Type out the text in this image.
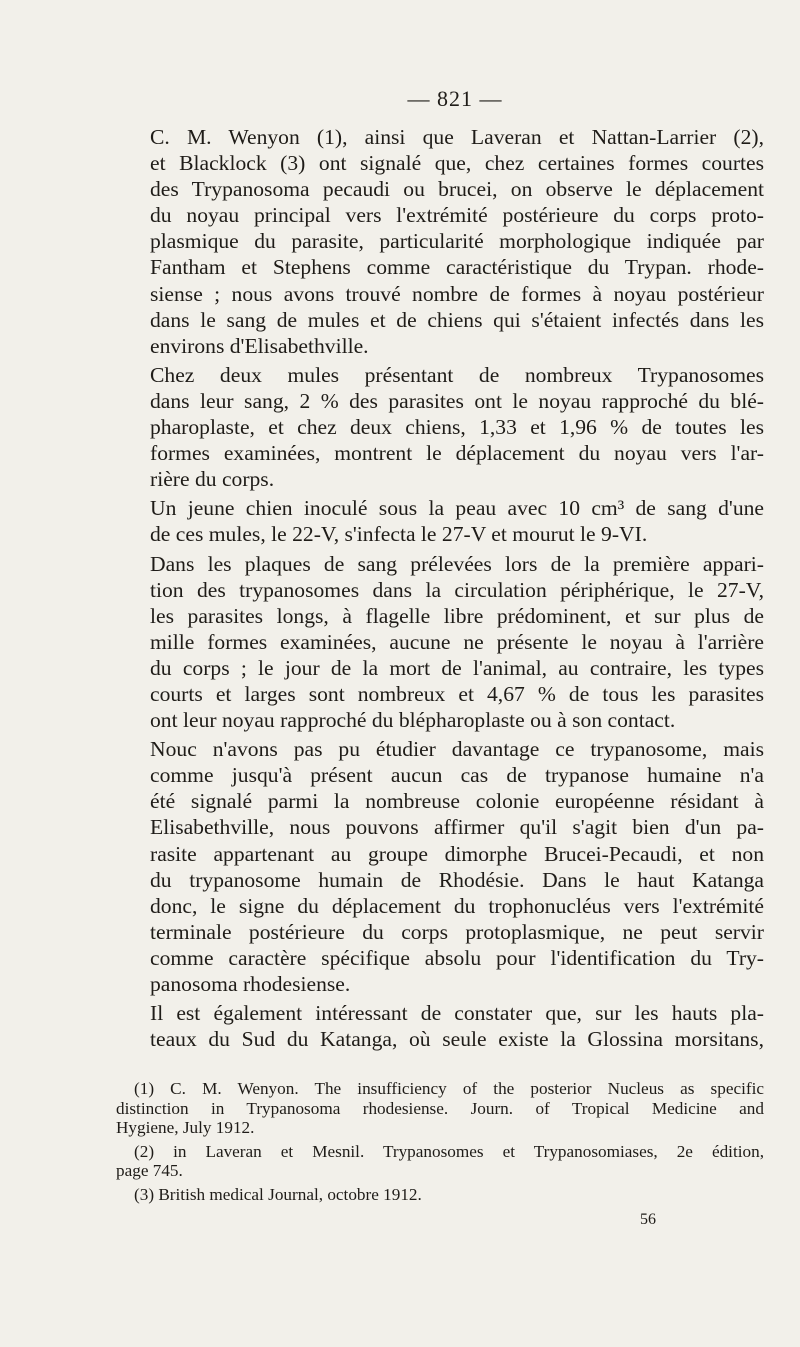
— 821 —

C. M. Wenyon (1), ainsi que Laveran et Nattan-Larrier (2),
et Blacklock (3) ont signalé que, chez certaines formes courtes
des Trypanosoma pecaudi ou brucei, on observe le déplacement
du noyau principal vers l'extrémité postérieure du corps proto-
plasmique du parasite, particularité morphologique indiquée par
Fantham et Stephens comme caractéristique du Trypan. rhode-
siense ; nous avons trouvé nombre de formes à noyau postérieur
dans le sang de mules et de chiens qui s'étaient infectés dans les
environs d'Elisabethville.

Chez deux mules présentant de nombreux Trypanosomes
dans leur sang, 2 % des parasites ont le noyau rapproché du blé-
pharoplaste, et chez deux chiens, 1,33 et 1,96 % de toutes les
formes examinées, montrent le déplacement du noyau vers l'ar-
rière du corps.

Un jeune chien inoculé sous la peau avec 10 cm³ de sang d'une
de ces mules, le 22-V, s'infecta le 27-V et mourut le 9-VI.

Dans les plaques de sang prélevées lors de la première appari-
tion des trypanosomes dans la circulation périphérique, le 27-V,
les parasites longs, à flagelle libre prédominent, et sur plus de
mille formes examinées, aucune ne présente le noyau à l'arrière
du corps ; le jour de la mort de l'animal, au contraire, les types
courts et larges sont nombreux et 4,67 % de tous les parasites
ont leur noyau rapproché du blépharoplaste ou à son contact.

Nouc n'avons pas pu étudier davantage ce trypanosome, mais
comme jusqu'à présent aucun cas de trypanose humaine n'a
été signalé parmi la nombreuse colonie européenne résidant à
Elisabethville, nous pouvons affirmer qu'il s'agit bien d'un pa-
rasite appartenant au groupe dimorphe Brucei-Pecaudi, et non
du trypanosome humain de Rhodésie. Dans le haut Katanga
donc, le signe du déplacement du trophonucléus vers l'extrémité
terminale postérieure du corps protoplasmique, ne peut servir
comme caractère spécifique absolu pour l'identification du Try-
panosoma rhodesiense.

Il est également intéressant de constater que, sur les hauts pla-
teaux du Sud du Katanga, où seule existe la Glossina morsitans,

(1) C. M. Wenyon. The insufficiency of the posterior Nucleus as specific
distinction in Trypanosoma rhodesiense. Journ. of Tropical Medicine and
Hygiene, July 1912.
(2) in Laveran et Mesnil. Trypanosomes et Trypanosomiases, 2e édition,
page 745.
(3) British medical Journal, octobre 1912.
56
